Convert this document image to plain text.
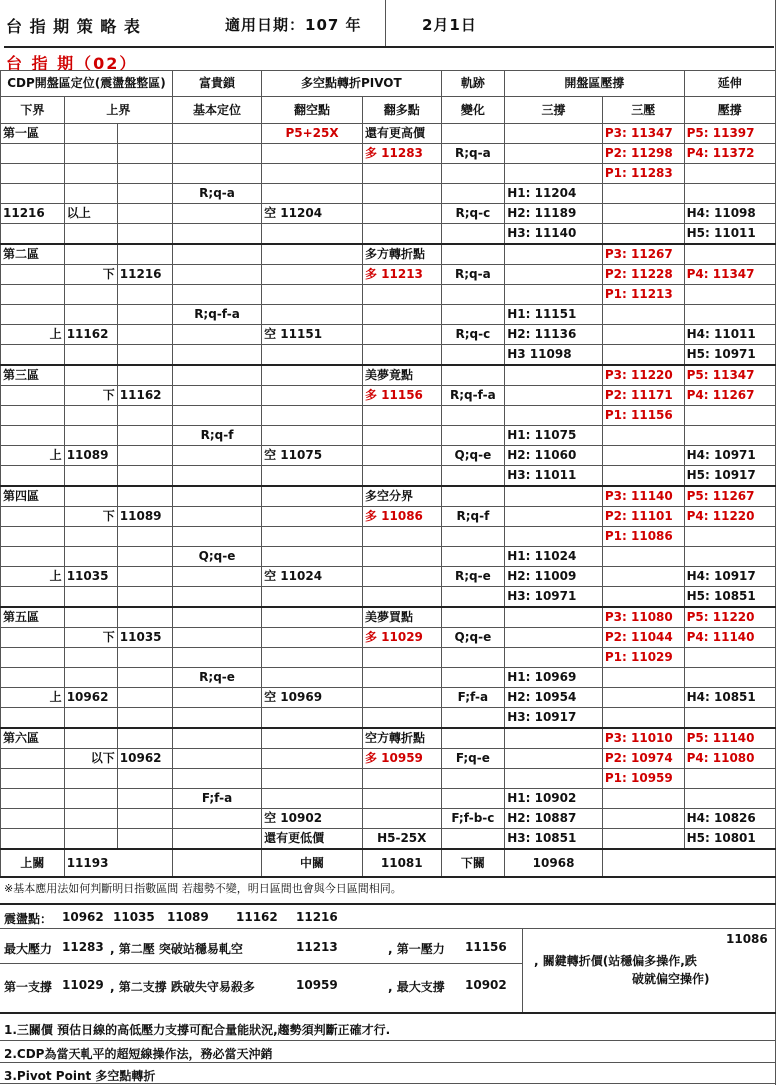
台 指 期 策 略 表	適用日期：107 年	2月1日
台 指 期（02）
CDP開盤區定位(震盪盤整區)			富貴鎖	多空點轉折PIVOT		軌跡	開盤區壓撐		延伸
下界	上界		基本定位	翻空點	翻多點	變化	三撐	三壓	壓撐
第一區				P5+25X	還有更高價			P3: 11347	P5: 11397
					多 11283	R;q-a		P2: 11298	P4: 11372
								P1: 11283	
			R;q-a				H1: 11204		
11216	以上			空 11204		R;q-c	H2: 11189		H4: 11098
							H3: 11140		H5: 11011
第二區					多方轉折點			P3: 11267	
	下	11216			多 11213	R;q-a		P2: 11228	P4: 11347
								P1: 11213	
			R;q-f-a				H1: 11151		
上	11162			空 11151		R;q-c	H2: 11136		H4: 11011
							H3 11098		H5: 10971
第三區					美夢竟點			P3: 11220	P5: 11347
	下	11162			多 11156	R;q-f-a		P2: 11171	P4: 11267
								P1: 11156	
			R;q-f				H1: 11075		
上	11089			空 11075		Q;q-e	H2: 11060		H4: 10971
							H3: 11011		H5: 10917
第四區					多空分界			P3: 11140	P5: 11267
	下	11089			多 11086	R;q-f		P2: 11101	P4: 11220
								P1: 11086	
			Q;q-e				H1: 11024		
上	11035			空 11024		R;q-e	H2: 11009		H4: 10917
							H3: 10971		H5: 10851
第五區					美夢買點			P3: 11080	P5: 11220
	下	11035			多 11029	Q;q-e		P2: 11044	P4: 11140
								P1: 11029	
			R;q-e				H1: 10969		
上	10962			空 10969		F;f-a	H2: 10954		H4: 10851
							H3: 10917		
第六區					空方轉折點			P3: 11010	P5: 11140
	以下	10962			多 10959	F;q-e		P2: 10974	P4: 11080
								P1: 10959	
			F;f-a				H1: 10902		
				空 10902		F;f-b-c	H2: 10887		H4: 10826
				還有更低價	H5-25X		H3: 10851		H5: 10801
上關	11193			中關	11081	下關	10968		
※基本應用法如何判斷明日指數區間 若趨勢不變，明日區間也會與今日區間相同。
震盪點： 10962 11035 11089 11162 11216
最大壓力 11283 , 第二壓 突破站穩易軋空	11213	, 第一壓力 11156
第一支撐 11029 , 第二支撐 跌破失守易殺多	10959	, 最大支撐 10902
11086
, 關鍵轉折價(站穩偏多操作,跌
破就偏空操作)
1.三關價 預估日線的高低壓力支撐可配合量能狀況,趨勢須判斷正確才行.
2.CDP為當天軋平的超短線操作法，務必當天沖銷
3.Pivot Point 多空點轉折
